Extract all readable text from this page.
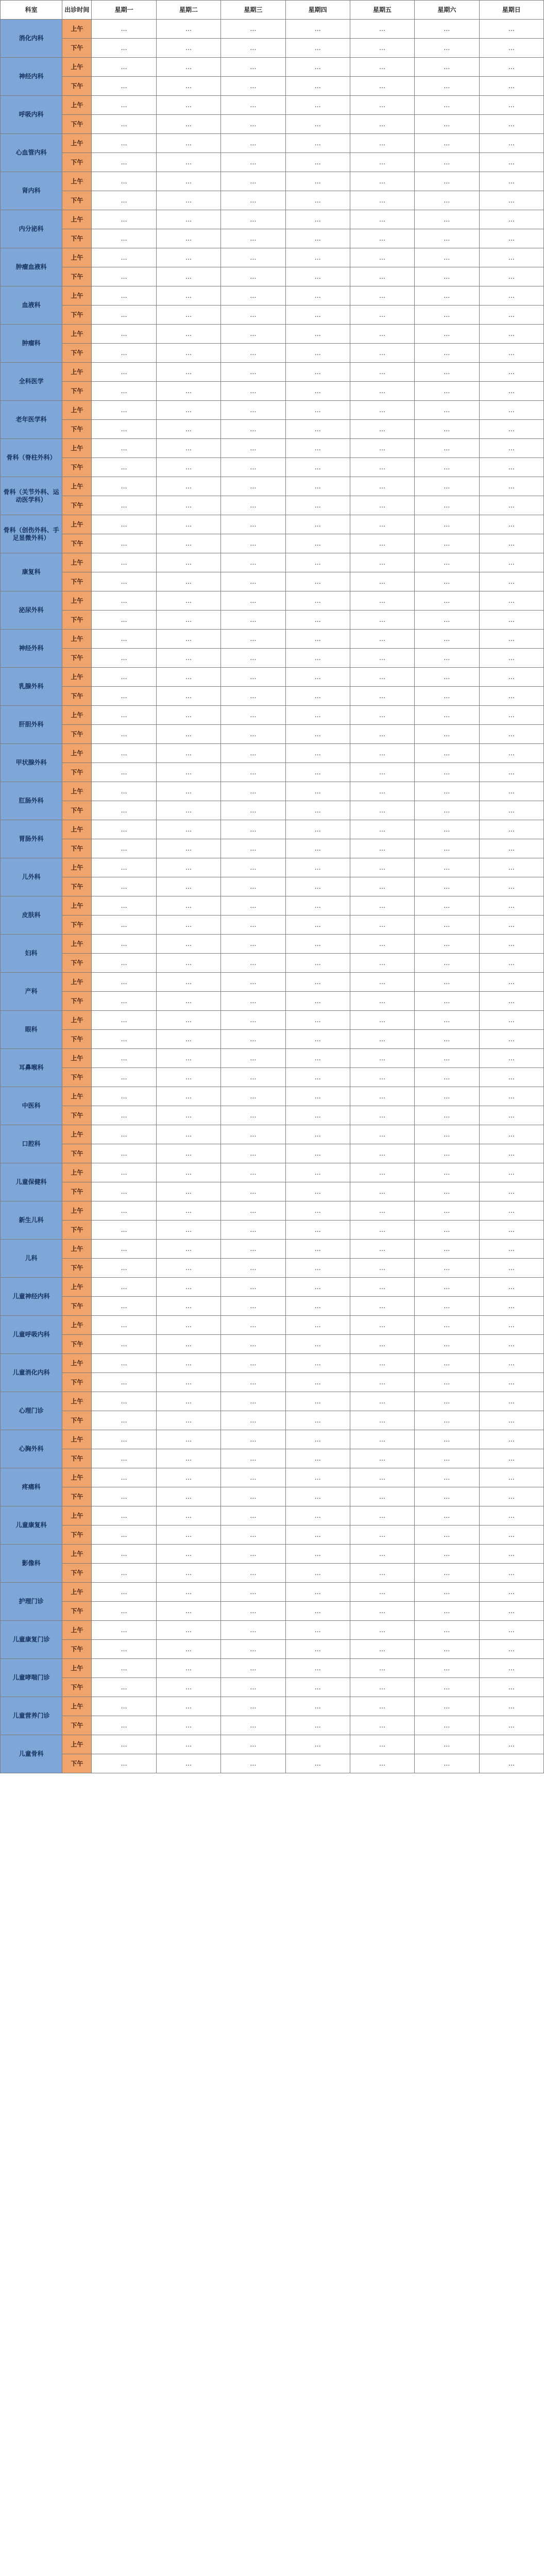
科室	出诊时间	星期一	星期二	星期三	星期四	星期五	星期六	星期日
消化内科	上午	…	…	…	…	…	…	…
	下午	…	…	…	…	…	…	…
神经内科	上午	…	…	…	…	…	…	…
	下午	…	…	…	…	…	…	…
呼吸内科	上午	…	…	…	…	…	…	…
	下午	…	…	…	…	…	…	…
心血管内科	上午	…	…	…	…	…	…	…
	下午	…	…	…	…	…	…	…
肾内科	上午	…	…	…	…	…	…	…
	下午	…	…	…	…	…	…	…
内分泌科	上午	…	…	…	…	…	…	…
	下午	…	…	…	…	…	…	…
肿瘤血液科	上午	…	…	…	…	…	…	…
	下午	…	…	…	…	…	…	…
血液科	上午	…	…	…	…	…	…	…
	下午	…	…	…	…	…	…	…
肿瘤科	上午	…	…	…	…	…	…	…
	下午	…	…	…	…	…	…	…
全科医学	上午	…	…	…	…	…	…	…
	下午	…	…	…	…	…	…	…
老年医学科	上午	…	…	…	…	…	…	…
	下午	…	…	…	…	…	…	…
骨科（脊柱外科）	上午	…	…	…	…	…	…	…
	下午	…	…	…	…	…	…	…
骨科（关节外科、运动医学科）	上午	…	…	…	…	…	…	…
	下午	…	…	…	…	…	…	…
骨科（创伤外科、手足显微外科）	上午	…	…	…	…	…	…	…
	下午	…	…	…	…	…	…	…
康复科	上午	…	…	…	…	…	…	…
	下午	…	…	…	…	…	…	…
泌尿外科	上午	…	…	…	…	…	…	…
	下午	…	…	…	…	…	…	…
神经外科	上午	…	…	…	…	…	…	…
	下午	…	…	…	…	…	…	…
乳腺外科	上午	…	…	…	…	…	…	…
	下午	…	…	…	…	…	…	…
肝胆外科	上午	…	…	…	…	…	…	…
	下午	…	…	…	…	…	…	…
甲状腺外科	上午	…	…	…	…	…	…	…
	下午	…	…	…	…	…	…	…
肛肠外科	上午	…	…	…	…	…	…	…
	下午	…	…	…	…	…	…	…
胃肠外科	上午	…	…	…	…	…	…	…
	下午	…	…	…	…	…	…	…
儿外科	上午	…	…	…	…	…	…	…
	下午	…	…	…	…	…	…	…
皮肤科	上午	…	…	…	…	…	…	…
	下午	…	…	…	…	…	…	…
妇科	上午	…	…	…	…	…	…	…
	下午	…	…	…	…	…	…	…
产科	上午	…	…	…	…	…	…	…
	下午	…	…	…	…	…	…	…
眼科	上午	…	…	…	…	…	…	…
	下午	…	…	…	…	…	…	…
耳鼻喉科	上午	…	…	…	…	…	…	…
	下午	…	…	…	…	…	…	…
中医科	上午	…	…	…	…	…	…	…
	下午	…	…	…	…	…	…	…
口腔科	上午	…	…	…	…	…	…	…
	下午	…	…	…	…	…	…	…
儿童保健科	上午	…	…	…	…	…	…	…
	下午	…	…	…	…	…	…	…
新生儿科	上午	…	…	…	…	…	…	…
	下午	…	…	…	…	…	…	…
儿科	上午	…	…	…	…	…	…	…
	下午	…	…	…	…	…	…	…
儿童神经内科	上午	…	…	…	…	…	…	…
	下午	…	…	…	…	…	…	…
儿童呼吸内科	上午	…	…	…	…	…	…	…
	下午	…	…	…	…	…	…	…
儿童消化内科	上午	…	…	…	…	…	…	…
	下午	…	…	…	…	…	…	…
心理门诊	上午	…	…	…	…	…	…	…
	下午	…	…	…	…	…	…	…
心胸外科	上午	…	…	…	…	…	…	…
	下午	…	…	…	…	…	…	…
疼痛科	上午	…	…	…	…	…	…	…
	下午	…	…	…	…	…	…	…
儿童康复科	上午	…	…	…	…	…	…	…
	下午	…	…	…	…	…	…	…
影像科	上午	…	…	…	…	…	…	…
	下午	…	…	…	…	…	…	…
护理门诊	上午	…	…	…	…	…	…	…
	下午	…	…	…	…	…	…	…
儿童康复门诊	上午	…	…	…	…	…	…	…
	下午	…	…	…	…	…	…	…
儿童哮喘门诊	上午	…	…	…	…	…	…	…
	下午	…	…	…	…	…	…	…
儿童营养门诊	上午	…	…	…	…	…	…	…
	下午	…	…	…	…	…	…	…
儿童骨科	上午	…	…	…	…	…	…	…
	下午	…	…	…	…	…	…	…
